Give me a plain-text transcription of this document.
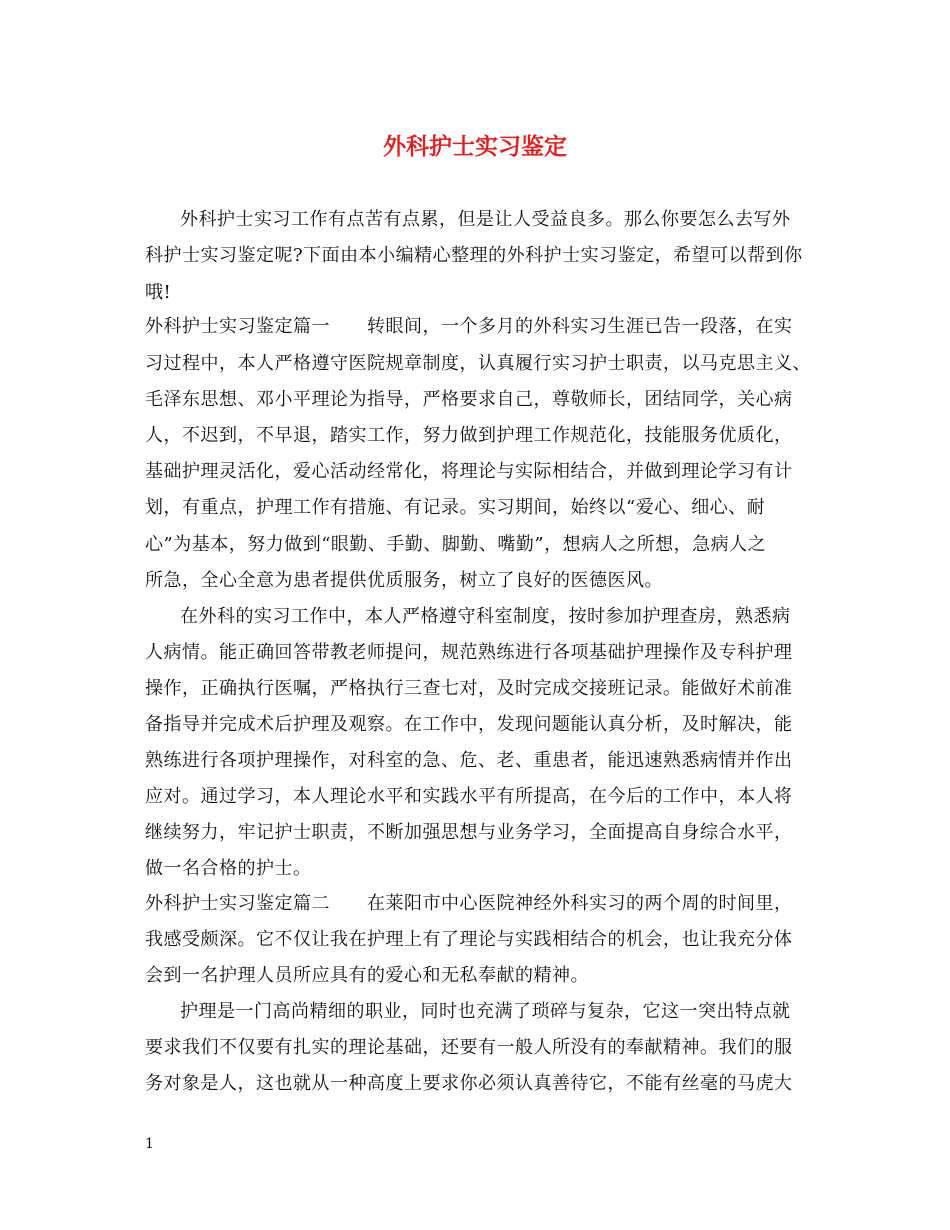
外科护士实习鉴定
外科护士实习工作有点苦有点累，但是让人受益良多。那么你要怎么去写外
科护士实习鉴定呢?下面由本小编精心整理的外科护士实习鉴定，希望可以帮到你
哦!
外科护士实习鉴定篇一　　转眼间，一个多月的外科实习生涯已告一段落，在实
习过程中，本人严格遵守医院规章制度，认真履行实习护士职责，以马克思主义、
毛泽东思想、邓小平理论为指导，严格要求自己，尊敬师长，团结同学，关心病
人，不迟到，不早退，踏实工作，努力做到护理工作规范化，技能服务优质化，
基础护理灵活化，爱心活动经常化，将理论与实际相结合，并做到理论学习有计
划，有重点，护理工作有措施、有记录。实习期间，始终以“爱心、细心、耐
心”为基本，努力做到“眼勤、手勤、脚勤、嘴勤”，想病人之所想，急病人之
所急，全心全意为患者提供优质服务，树立了良好的医德医风。
在外科的实习工作中，本人严格遵守科室制度，按时参加护理查房，熟悉病
人病情。能正确回答带教老师提问，规范熟练进行各项基础护理操作及专科护理
操作，正确执行医嘱，严格执行三查七对，及时完成交接班记录。能做好术前准
备指导并完成术后护理及观察。在工作中，发现问题能认真分析，及时解决，能
熟练进行各项护理操作，对科室的急、危、老、重患者，能迅速熟悉病情并作出
应对。通过学习，本人理论水平和实践水平有所提高，在今后的工作中，本人将
继续努力，牢记护士职责，不断加强思想与业务学习，全面提高自身综合水平，
做一名合格的护士。
外科护士实习鉴定篇二　　在莱阳市中心医院神经外科实习的两个周的时间里，
我感受颇深。它不仅让我在护理上有了理论与实践相结合的机会，也让我充分体
会到一名护理人员所应具有的爱心和无私奉献的精神。
护理是一门高尚精细的职业，同时也充满了琐碎与复杂，它这一突出特点就
要求我们不仅要有扎实的理论基础，还要有一般人所没有的奉献精神。我们的服
务对象是人，这也就从一种高度上要求你必须认真善待它，不能有丝毫的马虎大
1
